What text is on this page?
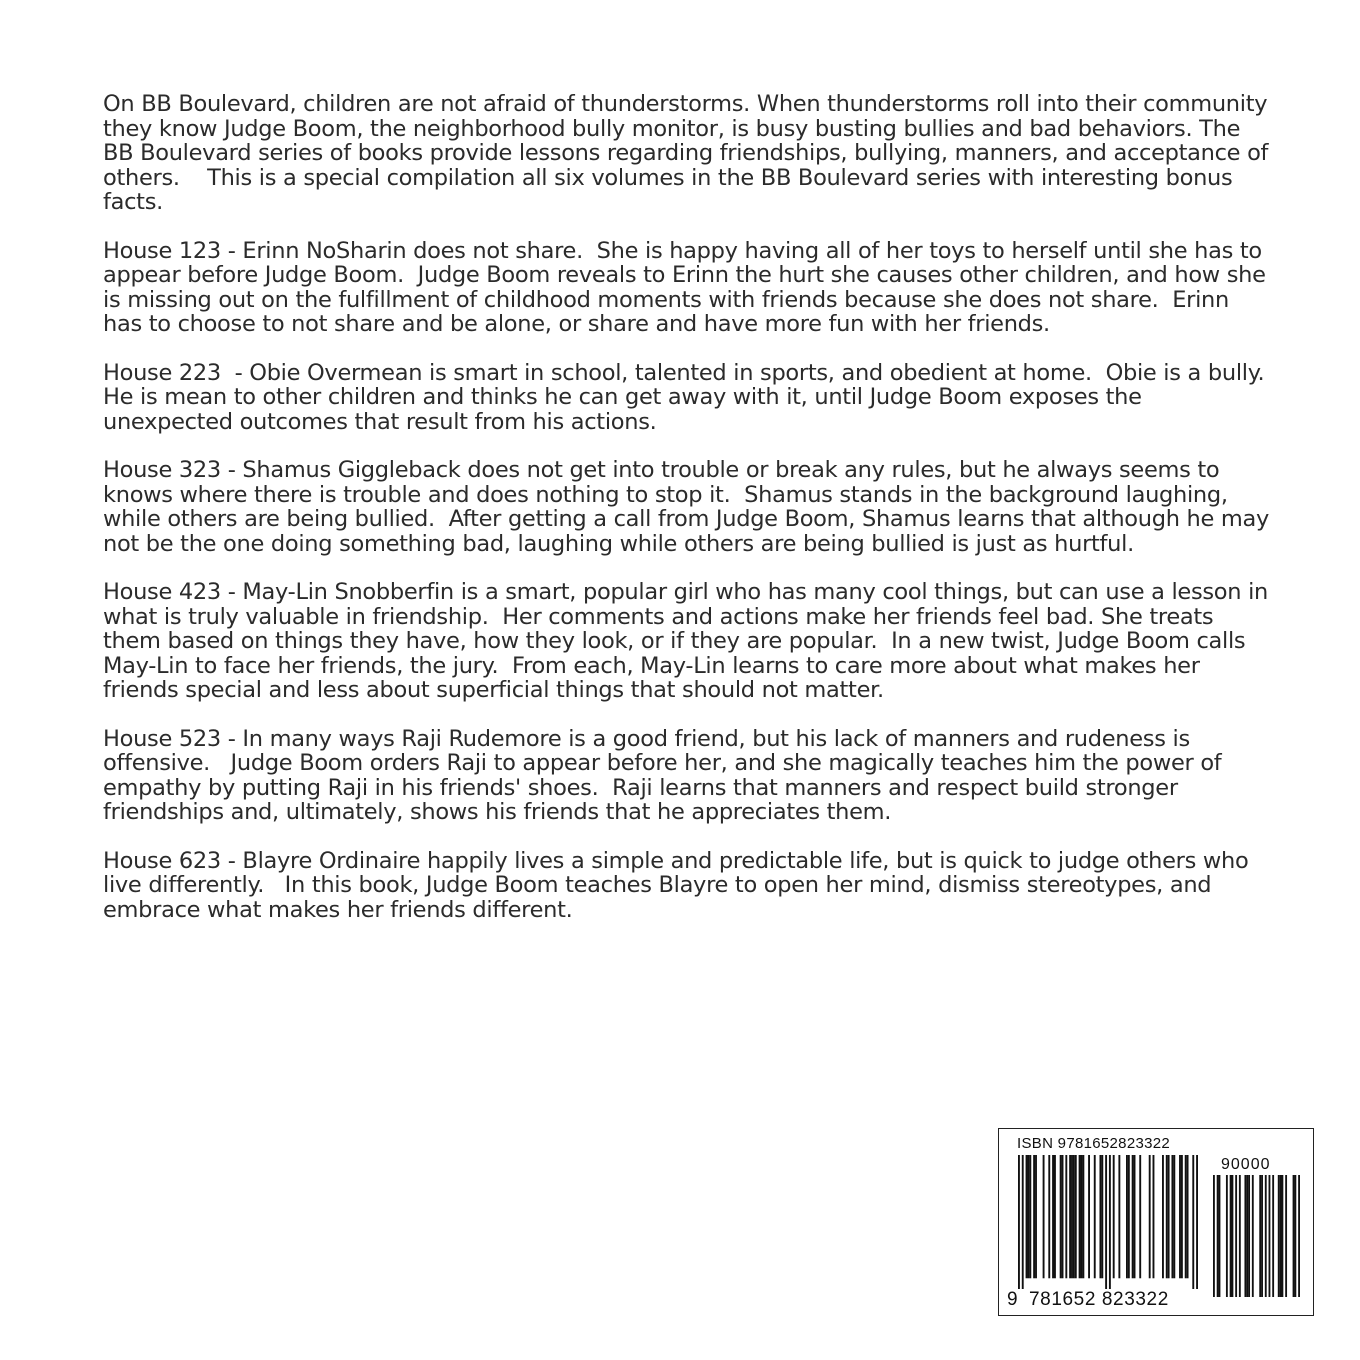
On BB Boulevard, children are not afraid of thunderstorms. When thunderstorms roll into their community they know Judge Boom, the neighborhood bully monitor, is busy busting bullies and bad behaviors. The BB Boulevard series of books provide lessons regarding friendships, bullying, manners, and acceptance of others.    This is a special compilation all six volumes in the BB Boulevard series with interesting bonus facts.

House 123 - Erinn NoSharin does not share.  She is happy having all of her toys to herself until she has to appear before Judge Boom.  Judge Boom reveals to Erinn the hurt she causes other children, and how she is missing out on the fulfillment of childhood moments with friends because she does not share.  Erinn has to choose to not share and be alone, or share and have more fun with her friends.

House 223  - Obie Overmean is smart in school, talented in sports, and obedient at home.  Obie is a bully.  He is mean to other children and thinks he can get away with it, until Judge Boom exposes the unexpected outcomes that result from his actions.

House 323 - Shamus Giggleback does not get into trouble or break any rules, but he always seems to knows where there is trouble and does nothing to stop it.  Shamus stands in the background laughing, while others are being bullied.  After getting a call from Judge Boom, Shamus learns that although he may not be the one doing something bad, laughing while others are being bullied is just as hurtful.

House 423 - May-Lin Snobberfin is a smart, popular girl who has many cool things, but can use a lesson in what is truly valuable in friendship.  Her comments and actions make her friends feel bad. She treats them based on things they have, how they look, or if they are popular.  In a new twist, Judge Boom calls May-Lin to face her friends, the jury.  From each, May-Lin learns to care more about what makes her friends special and less about superficial things that should not matter.

House 523 - In many ways Raji Rudemore is a good friend, but his lack of manners and rudeness is offensive.   Judge Boom orders Raji to appear before her, and she magically teaches him the power of empathy by putting Raji in his friends' shoes.  Raji learns that manners and respect build stronger friendships and, ultimately, shows his friends that he appreciates them.

House 623 - Blayre Ordinaire happily lives a simple and predictable life, but is quick to judge others who live differently.   In this book, Judge Boom teaches Blayre to open her mind, dismiss stereotypes, and embrace what makes her friends different.

ISBN 9781652823322
90000
9 781652 823322
